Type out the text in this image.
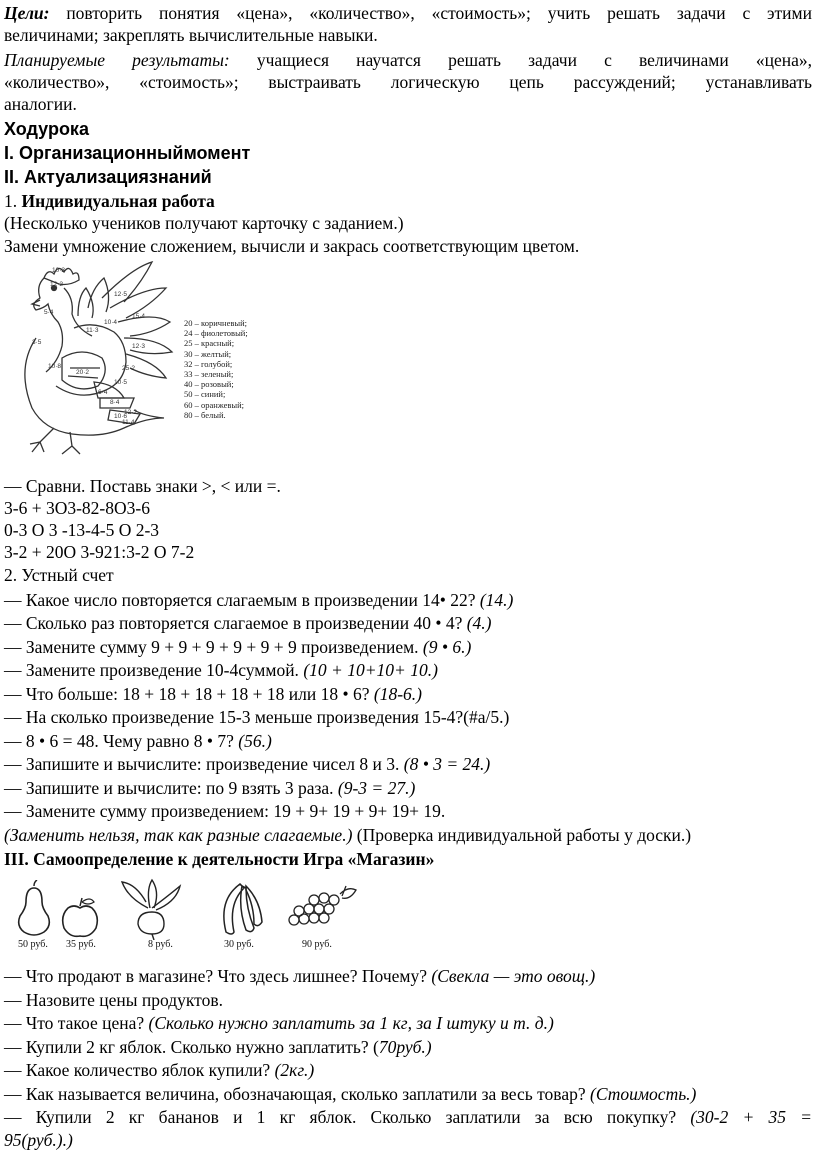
Цели: повторить понятия «цена», «количество», «стоимость»; учить решать задачи с этими
величинами; закреплять вычислительные навыки.
Планируемые результаты: учащиеся научатся решать задачи с величинами «цена»,
«количество», «стоимость»; выстраивать логическую цепь рассуждений; устанавливать
аналогии.
Ходурока
I. Организационныймомент
II. Актуализациязнаний
1. Индивидуальная работа
(Несколько учеников получают карточку с заданием.)
Замени умножение сложением, вычисли и закрась соответствующим цветом.
10·3
12·2
12·5
5·4
3·5
11·3
10·4
15·4
10·8
12·3
25·2
20·2
10·5
8·4
10·6
6·4
12·2
11·4
20 – коричневый;
24 – фиолетовый;
25 – красный;
30 – желтый;
32 – голубой;
33 – зеленый;
40 – розовый;
50 – синий;
60 – оранжевый;
80 – белый.
— Сравни. Поставь знаки >, < или =.
3-6 + 3О3-82-8О3-6
0-3 О 3 -13-4-5 О 2-3
3-2 + 20О 3-921:3-2 О 7-2
2. Устный счет
— Какое число повторяется слагаемым в произведении 14• 22? (14.)
— Сколько раз повторяется слагаемое в произведении 40 • 4? (4.)
— Замените сумму 9 + 9 + 9 + 9 + 9 + 9 произведением. (9 • 6.)
— Замените произведение 10-4суммой. (10 + 10+10+ 10.)
— Что больше: 18 + 18 + 18 + 18 + 18 или 18 • 6? (18-6.)
— На сколько произведение 15-3 меньше произведения 15-4?(#а/5.)
— 8 • 6 = 48. Чему равно 8 • 7? (56.)
— Запишите и вычислите: произведение чисел 8 и 3. (8 • 3 = 24.)
— Запишите и вычислите: по 9 взять 3 раза. (9-3 = 27.)
— Замените сумму произведением: 19 + 9+ 19 + 9+ 19+ 19.
(Заменить нельзя, так как разные слагаемые.) (Проверка индивидуальной работы у доски.)
III. Самоопределение к деятельности Игра «Магазин»
50 руб. 35 руб.	8 руб.	30 руб.	90 руб.
— Что продают в магазине? Что здесь лишнее? Почему? (Свекла — это овощ.)
— Назовите цены продуктов.
— Что такое цена? (Сколько нужно заплатить за 1 кг, за I штуку и т. д.)
— Купили 2 кг яблок. Сколько нужно заплатить? (70руб.)
— Какое количество яблок купили? (2кг.)
— Как называется величина, обозначающая, сколько заплатили за весь товар? (Стоимость.)
— Купили 2 кг бананов и 1 кг яблок. Сколько заплатили за всю покупку? (30-2 + 35 =
95(руб.).)
